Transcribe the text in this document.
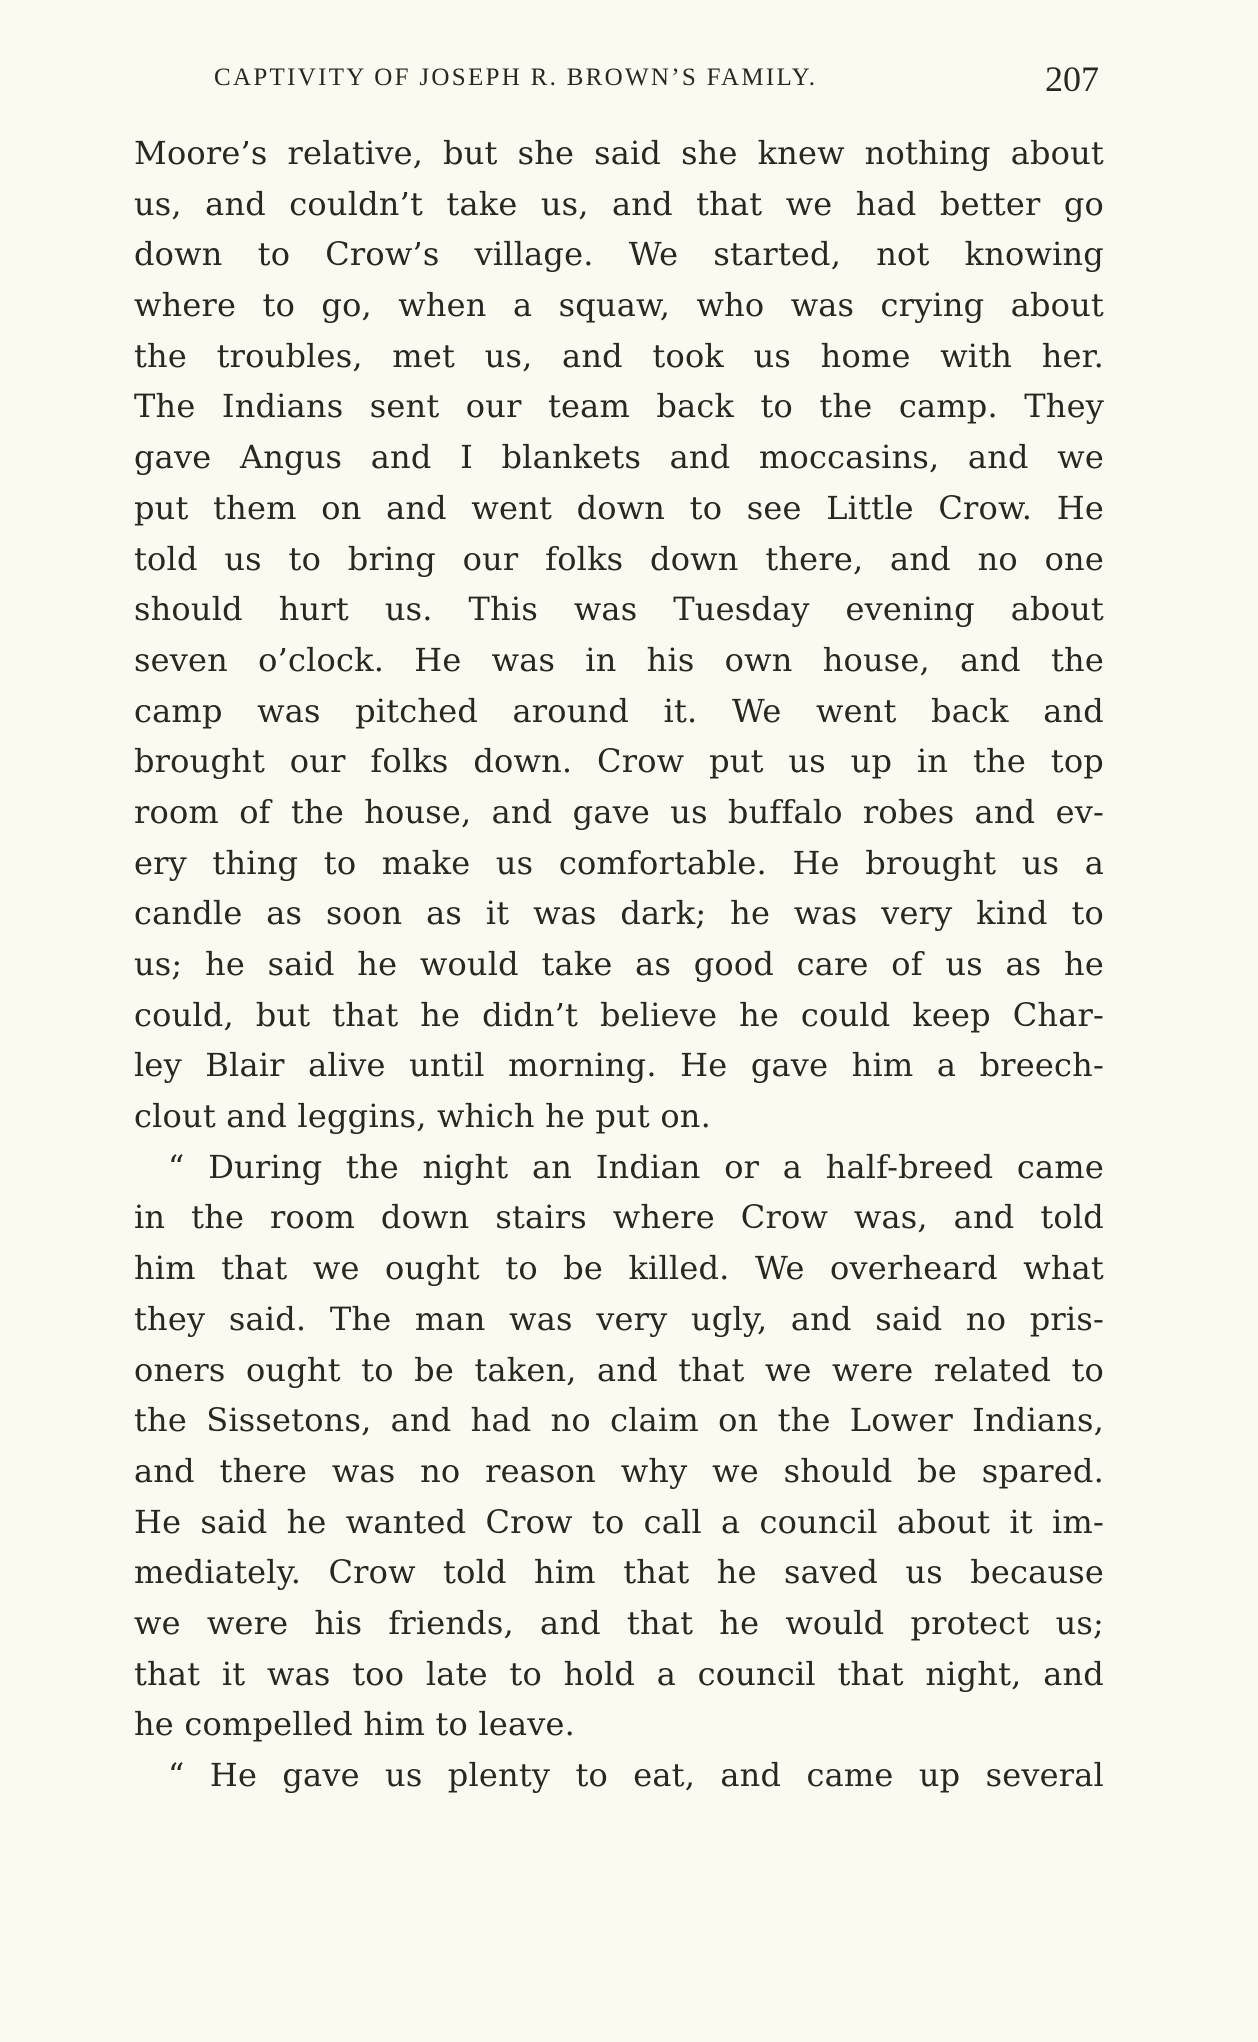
CAPTIVITY OF JOSEPH R. BROWN’S FAMILY.	207
Moore’s relative, but she said she knew nothing about
us, and couldn’t take us, and that we had better go
down to Crow’s village. We started, not knowing
where to go, when a squaw, who was crying about
the troubles, met us, and took us home with her.
The Indians sent our team back to the camp. They
gave Angus and I blankets and moccasins, and we
put them on and went down to see Little Crow. He
told us to bring our folks down there, and no one
should hurt us. This was Tuesday evening about
seven o’clock. He was in his own house, and the
camp was pitched around it. We went back and
brought our folks down. Crow put us up in the top
room of the house, and gave us buffalo robes and ev-
ery thing to make us comfortable. He brought us a
candle as soon as it was dark; he was very kind to
us; he said he would take as good care of us as he
could, but that he didn’t believe he could keep Char-
ley Blair alive until morning. He gave him a breech-
clout and leggins, which he put on.
“ During the night an Indian or a half-breed came
in the room down stairs where Crow was, and told
him that we ought to be killed. We overheard what
they said. The man was very ugly, and said no pris-
oners ought to be taken, and that we were related to
the Sissetons, and had no claim on the Lower Indians,
and there was no reason why we should be spared.
He said he wanted Crow to call a council about it im-
mediately. Crow told him that he saved us because
we were his friends, and that he would protect us;
that it was too late to hold a council that night, and
he compelled him to leave.
“ He gave us plenty to eat, and came up several
